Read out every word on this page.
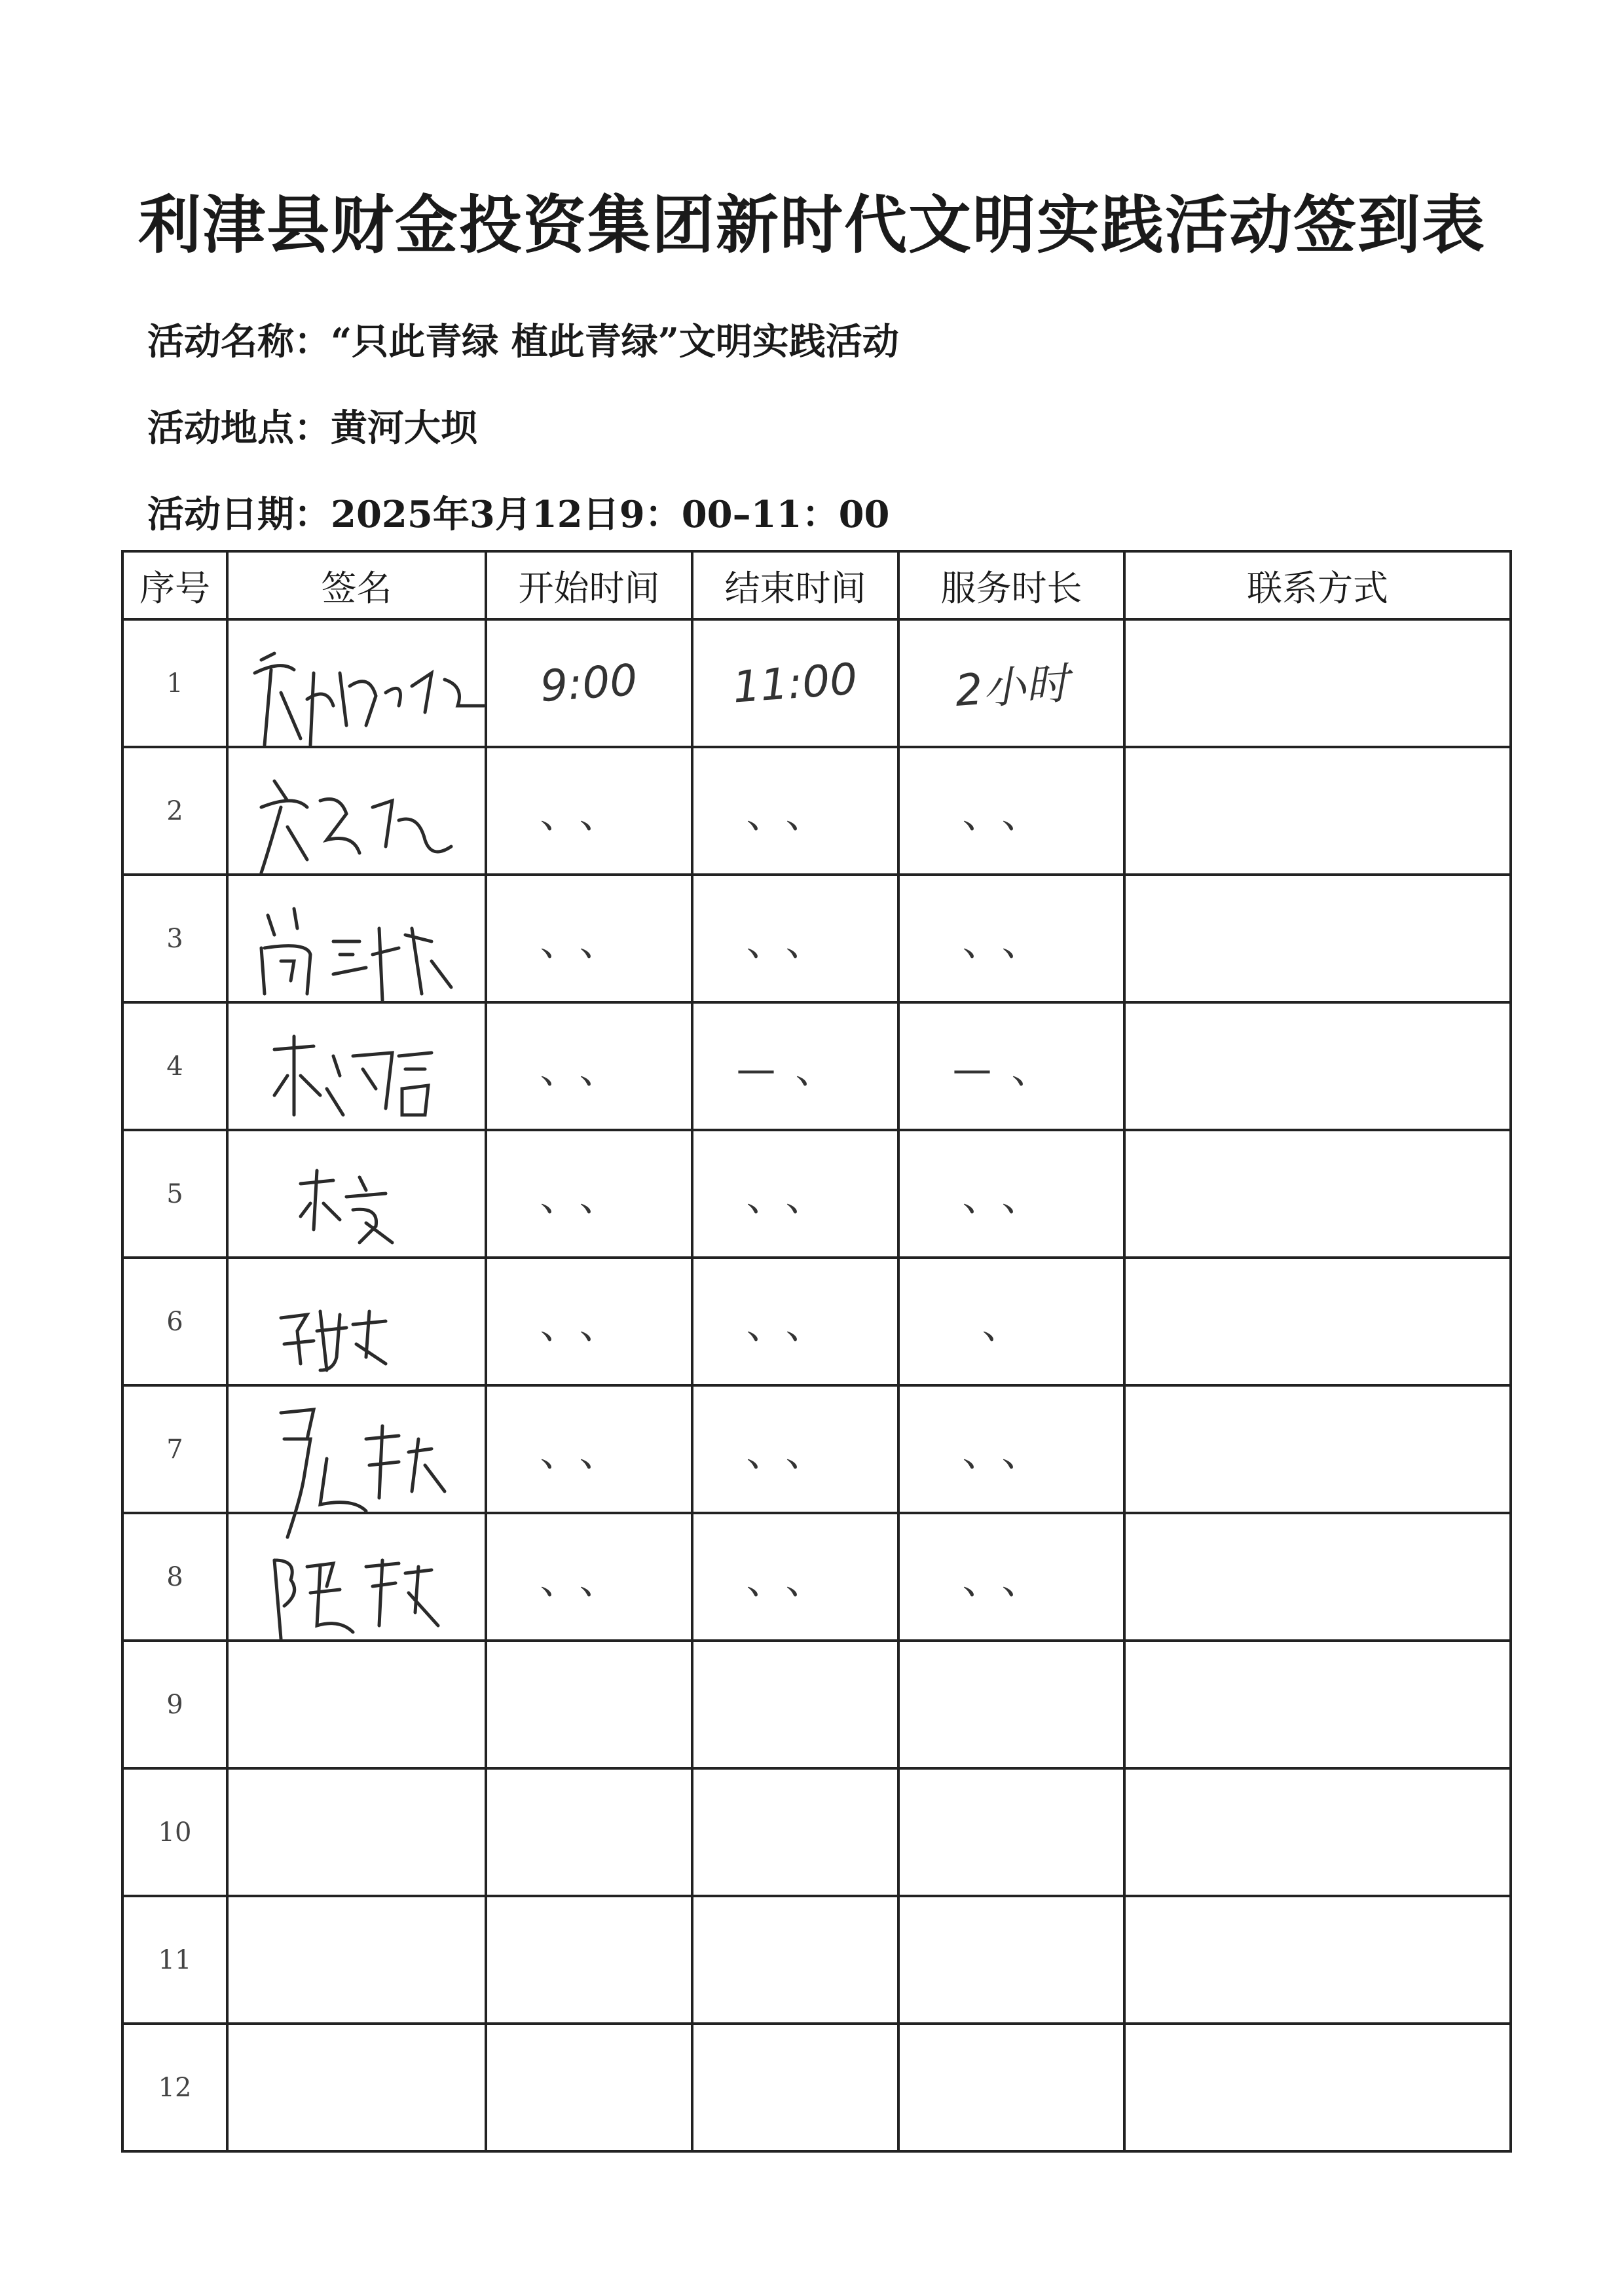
利津县财金投资集团新时代文明实践活动签到表
活动名称：“只此青绿 植此青绿”文明实践活动
活动地点：黄河大坝
活动日期：2025年3月12日9：00–11：00
序号	签名	开始时间	结束时间	服务时长	联系方式
1		9:00	11:00	2小时	
2		、、	、、	、、	
3		、、	、、	、、	
4		、、	—、	—、	
5		、、	、、	、、	
6		、、	、、	、	
7		、、	、、	、、	
8		、、	、、	、、	
9					
10					
11					
12					
